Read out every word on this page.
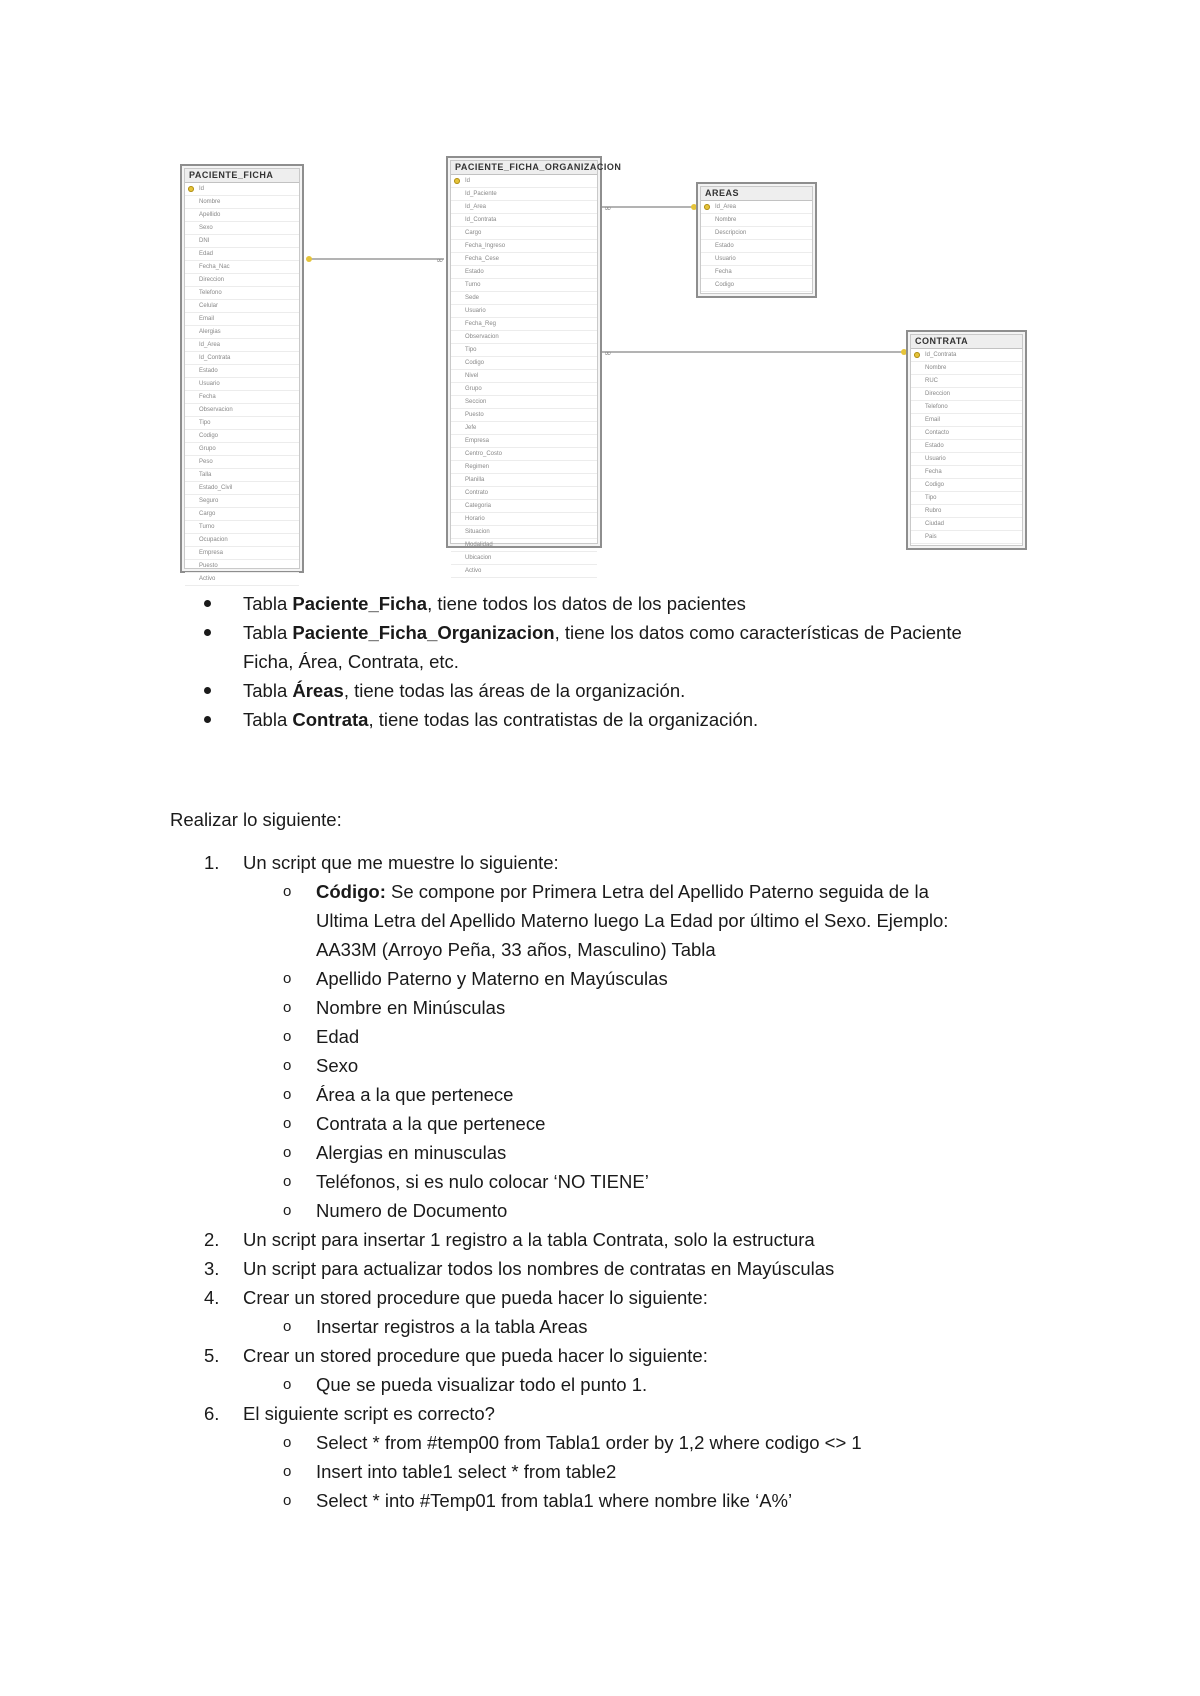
∞
∞
∞
PACIENTE_FICHA
Id
Nombre
Apellido
Sexo
DNI
Edad
Fecha_Nac
Direccion
Telefono
Celular
Email
Alergias
Id_Area
Id_Contrata
Estado
Usuario
Fecha
Observacion
Tipo
Codigo
Grupo
Peso
Talla
Estado_Civil
Seguro
Cargo
Turno
Ocupacion
Empresa
Puesto
Activo
PACIENTE_FICHA_ORGANIZACION
Id
Id_Paciente
Id_Area
Id_Contrata
Cargo
Fecha_Ingreso
Fecha_Cese
Estado
Turno
Sede
Usuario
Fecha_Reg
Observacion
Tipo
Codigo
Nivel
Grupo
Seccion
Puesto
Jefe
Empresa
Centro_Costo
Regimen
Planilla
Contrato
Categoria
Horario
Situacion
Modalidad
Ubicacion
Activo
AREAS
Id_Area
Nombre
Descripcion
Estado
Usuario
Fecha
Codigo
CONTRATA
Id_Contrata
Nombre
RUC
Direccion
Telefono
Email
Contacto
Estado
Usuario
Fecha
Codigo
Tipo
Rubro
Ciudad
Pais
Tabla Paciente_Ficha, tiene todos los datos de los pacientes
Tabla Paciente_Ficha_Organizacion, tiene los datos como características de Paciente
Ficha, Área, Contrata, etc.
Tabla Áreas, tiene todas las áreas de la organización.
Tabla Contrata, tiene todas las contratistas de la organización.
Realizar lo siguiente:
1. Un script que me muestre lo siguiente:
o Código: Se compone por Primera Letra del Apellido Paterno seguida de la
Ultima Letra del Apellido Materno luego La Edad por último el Sexo. Ejemplo:
AA33M (Arroyo Peña, 33 años, Masculino) Tabla
o Apellido Paterno y Materno en Mayúsculas
o Nombre en Minúsculas
o Edad
o Sexo
o Área a la que pertenece
o Contrata a la que pertenece
o Alergias en minusculas
o Teléfonos, si es nulo colocar ‘NO TIENE’
o Numero de Documento
2. Un script para insertar 1 registro a la tabla Contrata, solo la estructura
3. Un script para actualizar todos los nombres de contratas en Mayúsculas
4. Crear un stored procedure que pueda hacer lo siguiente:
o Insertar registros a la tabla Areas
5. Crear un stored procedure que pueda hacer lo siguiente:
o Que se pueda visualizar todo el punto 1.
6. El siguiente script es correcto?
o Select * from #temp00 from Tabla1 order by 1,2 where codigo <> 1
o Insert into table1 select * from table2
o Select * into #Temp01 from tabla1 where nombre like ‘A%’
